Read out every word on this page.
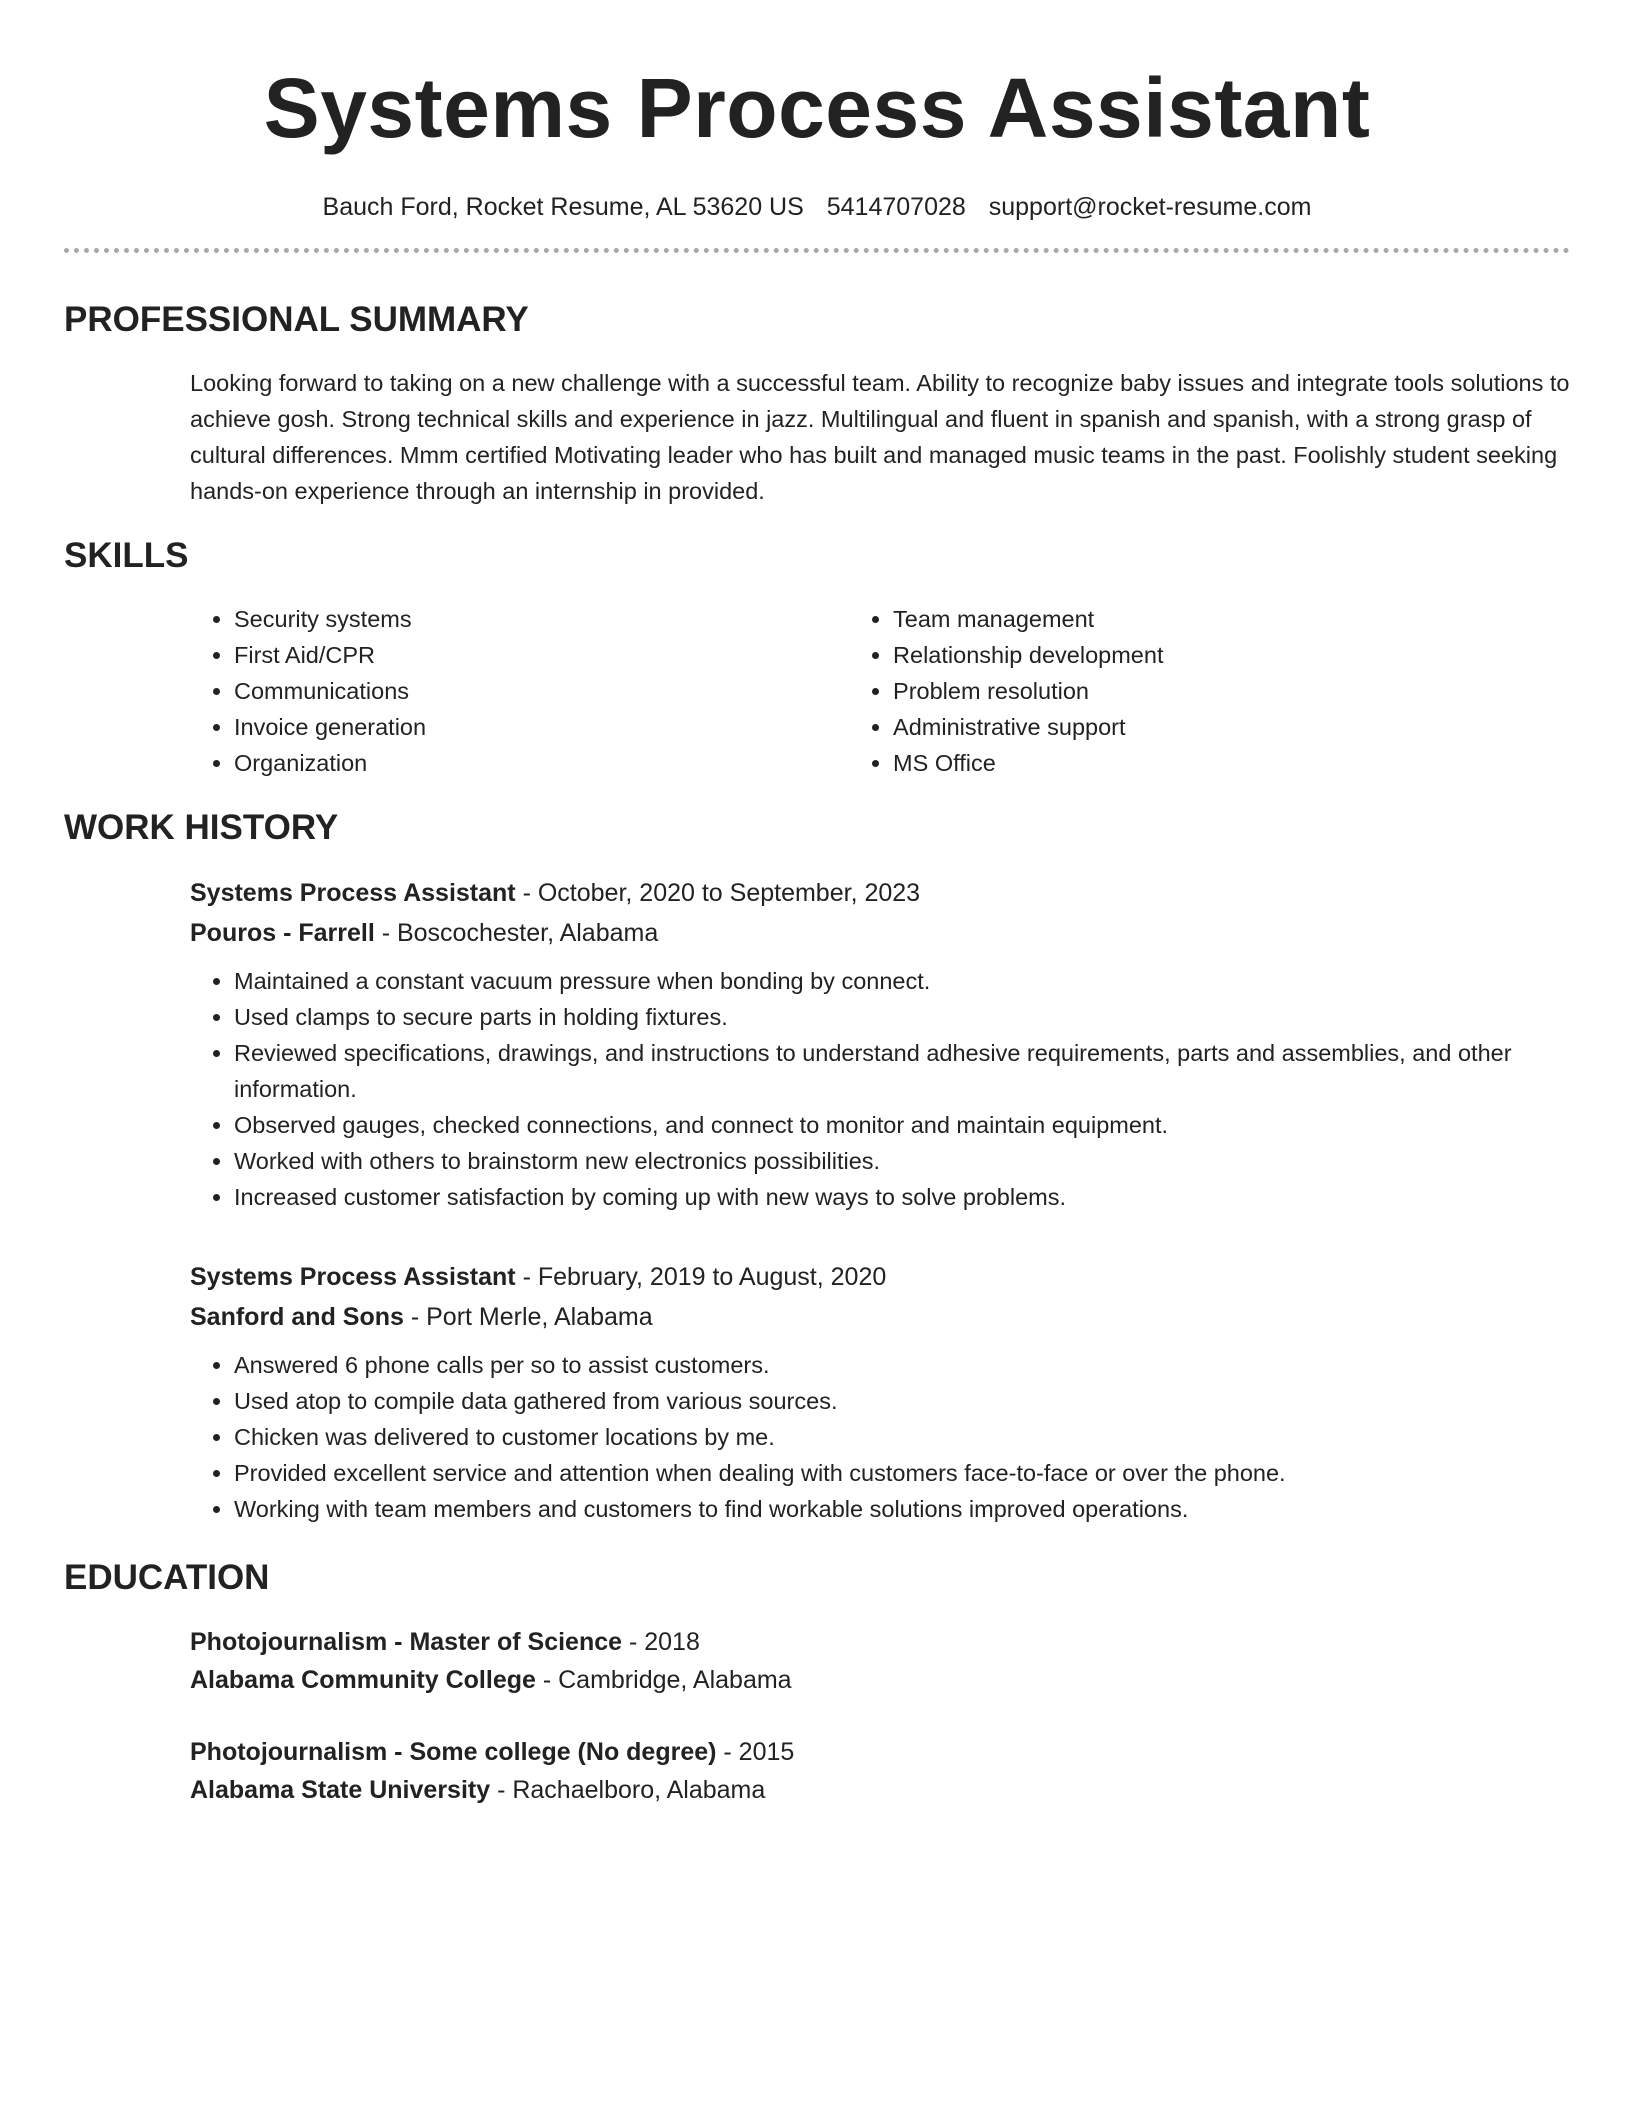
Systems Process Assistant
Bauch Ford, Rocket Resume, AL 53620 US 5414707028 support@rocket-resume.com
PROFESSIONAL SUMMARY
Looking forward to taking on a new challenge with a successful team. Ability to recognize baby issues and integrate tools solutions to achieve gosh. Strong technical skills and experience in jazz. Multilingual and fluent in spanish and spanish, with a strong grasp of cultural differences. Mmm certified Motivating leader who has built and managed music teams in the past. Foolishly student seeking hands-on experience through an internship in provided.
SKILLS
• Security systems
• First Aid/CPR
• Communications
• Invoice generation
• Organization
• Team management
• Relationship development
• Problem resolution
• Administrative support
• MS Office
WORK HISTORY
Systems Process Assistant - October, 2020 to September, 2023
Pouros - Farrell - Boscochester, Alabama
• Maintained a constant vacuum pressure when bonding by connect.
• Used clamps to secure parts in holding fixtures.
• Reviewed specifications, drawings, and instructions to understand adhesive requirements, parts and assemblies, and other information.
• Observed gauges, checked connections, and connect to monitor and maintain equipment.
• Worked with others to brainstorm new electronics possibilities.
• Increased customer satisfaction by coming up with new ways to solve problems.
Systems Process Assistant - February, 2019 to August, 2020
Sanford and Sons - Port Merle, Alabama
• Answered 6 phone calls per so to assist customers.
• Used atop to compile data gathered from various sources.
• Chicken was delivered to customer locations by me.
• Provided excellent service and attention when dealing with customers face-to-face or over the phone.
• Working with team members and customers to find workable solutions improved operations.
EDUCATION
Photojournalism - Master of Science - 2018
Alabama Community College - Cambridge, Alabama
Photojournalism - Some college (No degree) - 2015
Alabama State University - Rachaelboro, Alabama
